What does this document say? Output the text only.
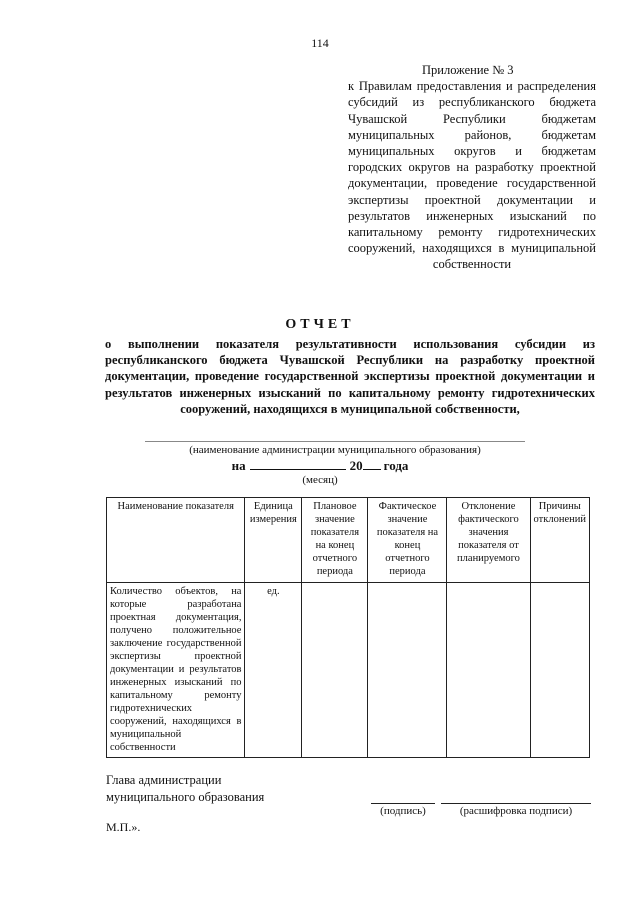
114
Приложение № 3
к Правилам предоставления и распределения субсидий из республиканского бюджета Чувашской Республики бюджетам муниципальных районов, бюджетам муниципальных округов и бюджетам городских округов на разработку проектной документации, проведение государственной экспертизы проектной документации и результатов инженерных изысканий по капитальному ремонту гидротехнических сооружений, находящихся в муниципальной собственности
ОТЧЕТ
о выполнении показателя результативности использования субсидии из республиканского бюджета Чувашской Республики на разработку проектной документации, проведение государственной экспертизы проектной документации и результатов инженерных изысканий по капитальному ремонту гидротехнических сооружений, находящихся в муниципальной собственности,
(наименование администрации муниципального образования)
на	20 года
(месяц)
Наименование показателя	Единица измерения	Плановое значение показателя на конец отчетного периода	Фактическое значение показателя на конец отчетного периода	Отклонение фактического значения показателя от планируемого	Причины отклонений
Количество объектов, на которые разработана проектная документация, получено положительное заключение государственной экспертизы проектной документации и результатов инженерных изысканий по капитальному ремонту гидротехнических сооружений, находящихся в муниципальной собственности	ед.				
Глава администрации
муниципального образования
(подпись)	(расшифровка подписи)
М.П.».
